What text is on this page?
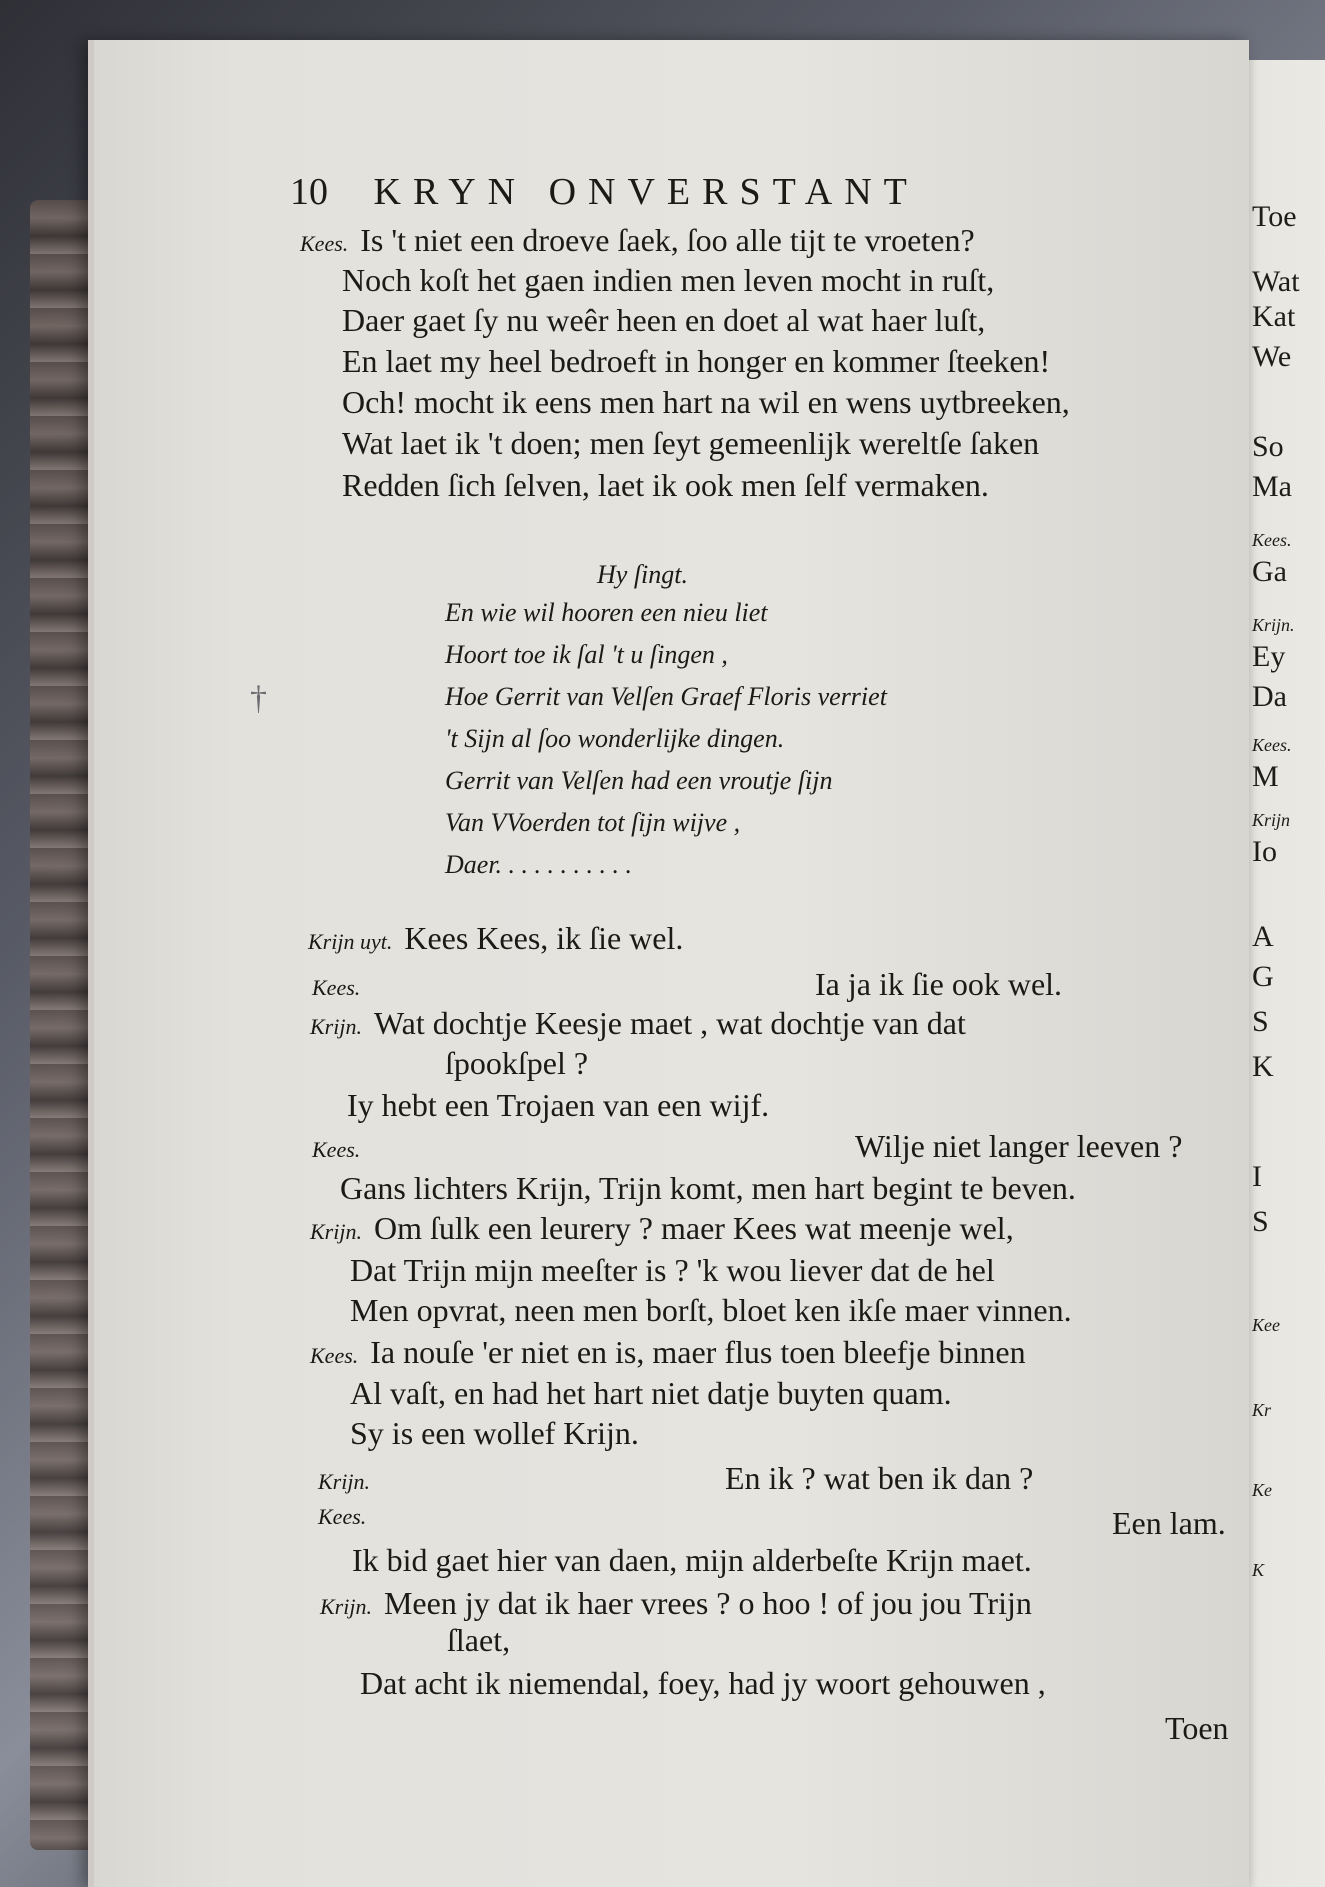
Toe
Wat
Kat
We
So
Ma
Kees.
Ga
Krijn.
Ey
Da
Kees.
M
Krijn
Io
A
G
S
K
I
S
Kee
Kr
Ke
K
10 KRYN ONVERSTANT
Kees. Is 't niet een droeve ſaek, ſoo alle tijt te vroeten?
Noch koſt het gaen indien men leven mocht in ruſt,
Daer gaet ſy nu weêr heen en doet al wat haer luſt,
En laet my heel bedroeft in honger en kommer ſteeken!
Och! mocht ik eens men hart na wil en wens uytbreeken,
Wat laet ik 't doen; men ſeyt gemeenlijk wereltſe ſaken
Redden ſich ſelven, laet ik ook men ſelf vermaken.
Hy ſingt.
En wie wil hooren een nieu liet
Hoort toe ik ſal 't u ſingen ,
Hoe Gerrit van Velſen Graef Floris verriet
't Sijn al ſoo wonderlijke dingen.
Gerrit van Velſen had een vroutje ſijn
Van VVoerden tot ſijn wijve ,
Daer. . . . . . . . . . .
†
Krijn uyt. Kees Kees, ik ſie wel.
Kees.	Ia ja ik ſie ook wel.
Krijn. Wat dochtje Keesje maet , wat dochtje van dat
ſpookſpel ?
Iy hebt een Trojaen van een wijf.
Kees.	Wilje niet langer leeven ?
Gans lichters Krijn, Trijn komt, men hart begint te beven.
Krijn. Om ſulk een leurery ? maer Kees wat meenje wel,
Dat Trijn mijn meeſter is ? 'k wou liever dat de hel
Men opvrat, neen men borſt, bloet ken ikſe maer vinnen.
Kees. Ia nouſe 'er niet en is, maer flus toen bleefje binnen
Al vaſt, en had het hart niet datje buyten quam.
Sy is een wollef Krijn.
Krijn.	En ik ? wat ben ik dan ?
Kees.	Een lam.
Ik bid gaet hier van daen, mijn alderbeſte Krijn maet.
Krijn. Meen jy dat ik haer vrees ? o hoo ! of jou jou Trijn
ſlaet,
Dat acht ik niemendal, foey, had jy woort gehouwen ,
Toen
